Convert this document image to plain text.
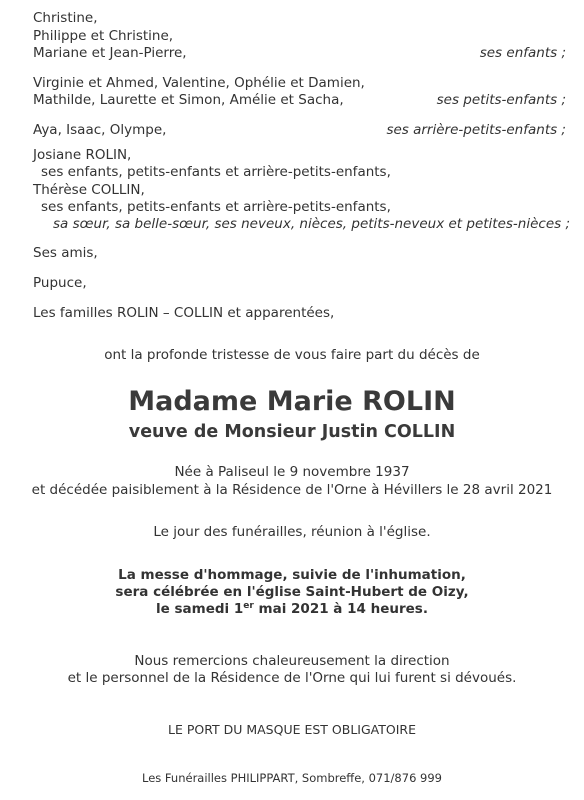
Christine,
Philippe et Christine,
Mariane et Jean-Pierre,	ses enfants ;
Virginie et Ahmed, Valentine, Ophélie et Damien,
Mathilde, Laurette et Simon, Amélie et Sacha,	ses petits-enfants ;
Aya, Isaac, Olympe,	ses arrière-petits-enfants ;
Josiane ROLIN,
ses enfants, petits-enfants et arrière-petits-enfants,
Thérèse COLLIN,
ses enfants, petits-enfants et arrière-petits-enfants,
sa sœur, sa belle-sœur, ses neveux, nièces, petits-neveux et petites-nièces ;
Ses amis,
Pupuce,
Les familles ROLIN – COLLIN et apparentées,
ont la profonde tristesse de vous faire part du décès de
Madame Marie ROLIN
veuve de Monsieur Justin COLLIN
Née à Paliseul le 9 novembre 1937
et décédée paisiblement à la Résidence de l'Orne à Hévillers le 28 avril 2021
Le jour des funérailles, réunion à l'église.
La messe d'hommage, suivie de l'inhumation,
sera célébrée en l'église Saint-Hubert de Oizy,
le samedi 1er mai 2021 à 14 heures.
Nous remercions chaleureusement la direction
et le personnel de la Résidence de l'Orne qui lui furent si dévoués.
LE PORT DU MASQUE EST OBLIGATOIRE
Les Funérailles PHILIPPART, Sombreffe, 071/876 999
